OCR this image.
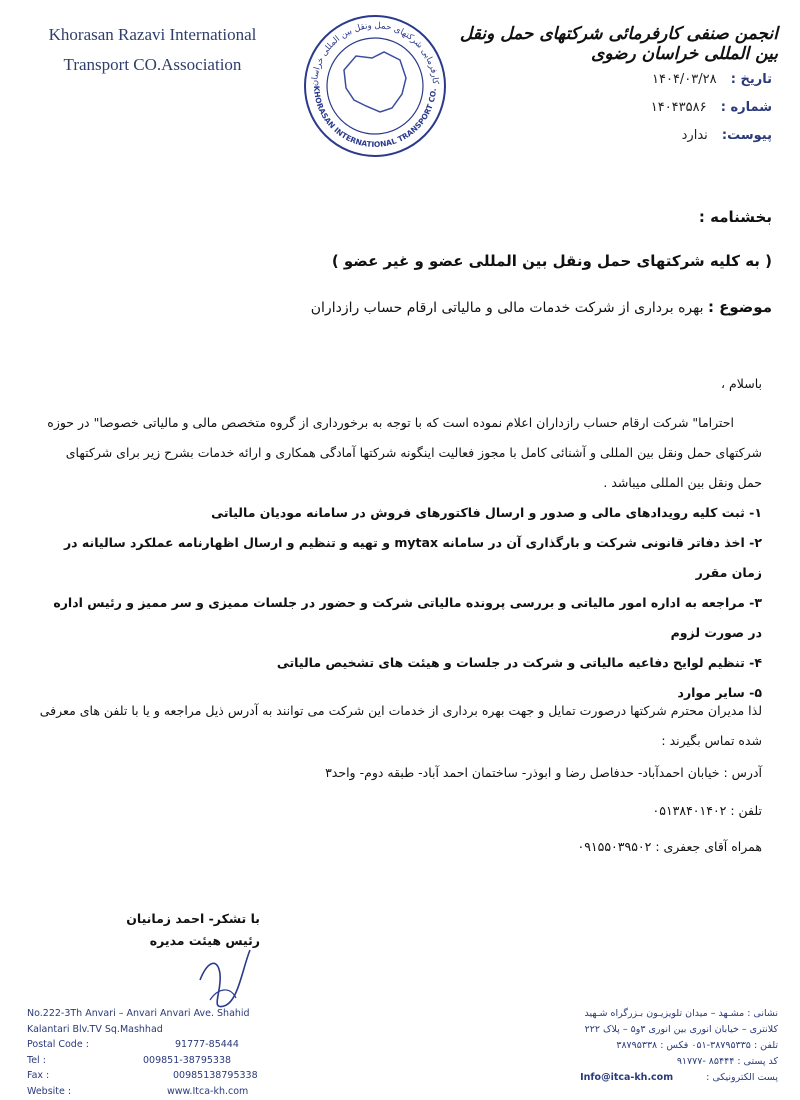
Khorasan Razavi International
Transport CO.Association
کارفرمایی شرکتهای حمل ونقل بین المللی خراسان
KHORASAN INTERNATIONAL TRANSPORT CO.
انجمن صنفی کارفرمائی شرکتهای حمل ونقل بین المللی خراسان رضوی
تاریخ : ۱۴۰۴/۰۳/۲۸
شماره : ۱۴۰۴۳۵۸۶
پیوست: ندارد
بخشنامه :
( به کلیه شرکتهای حمل ونقل بین المللی عضو و غیر عضو )
موضوع : بهره برداری از شرکت خدمات مالی و مالیاتی ارقام حساب رازداران
باسلام ،
احتراما" شرکت ارقام حساب رازداران اعلام نموده است که با توجه به برخورداری از گروه متخصص مالی و مالیاتی خصوصا" در حوزه شرکتهای حمل ونقل بین المللی و آشنائی کامل با مجوز فعالیت اینگونه شرکتها آمادگی همکاری و ارائه خدمات بشرح زیر برای شرکتهای حمل ونقل بین المللی میباشد .
۱- ثبت کلیه رویدادهای مالی و صدور و ارسال فاکتورهای فروش در سامانه مودیان مالیاتی
۲- اخذ دفاتر قانونی شرکت و بارگذاری آن در سامانه mytax و تهیه و تنظیم و ارسال اظهارنامه عملکرد سالیانه در زمان مقرر
۳- مراجعه به اداره امور مالیاتی و بررسی پرونده مالیاتی شرکت و حضور در جلسات ممیزی و سر ممیز و رئیس اداره در صورت لزوم
۴- تنظیم لوایح دفاعیه مالیاتی و شرکت در جلسات و هیئت های تشخیص مالیاتی
۵- سایر موارد
لذا مدیران محترم شرکتها درصورت تمایل و جهت بهره برداری از خدمات این شرکت می توانند به آدرس ذیل مراجعه و یا با تلفن های معرفی شده تماس بگیرند :
آدرس : خیابان احمدآباد- حدفاصل رضا و ابوذر- ساختمان احمد آباد- طبقه دوم- واحد۳
تلفن : ۰۵۱۳۸۴۰۱۴۰۲
همراه آقای جعفری : ۰۹۱۵۵۰۳۹۵۰۲
با تشکر- احمد زمانیان
رئیس هیئت مدیره
No.222-3Th Anvari – Anvari Anvari Ave. Shahid
Kalantari Blv.TV Sq.Mashhad
Postal Code :	91777-85444
Tel :	009851-38795338
Fax :	00985138795338
Website :	www.Itca-kh.com
نشانی : مشـهد – میدان تلویزیـون بـزرگراه شـهید
کلانتری – خیابان انوری بین انوری ۳و۵ – پلاک ۲۲۲
تلفن : ۳۸۷۹۵۳۳۵-۰۵۱ فکس : ۳۸۷۹۵۳۳۸
کد پستی : ۸۵۴۴۴ -۹۱۷۷۷
پست الکترونیکی : Info@itca-kh.com
